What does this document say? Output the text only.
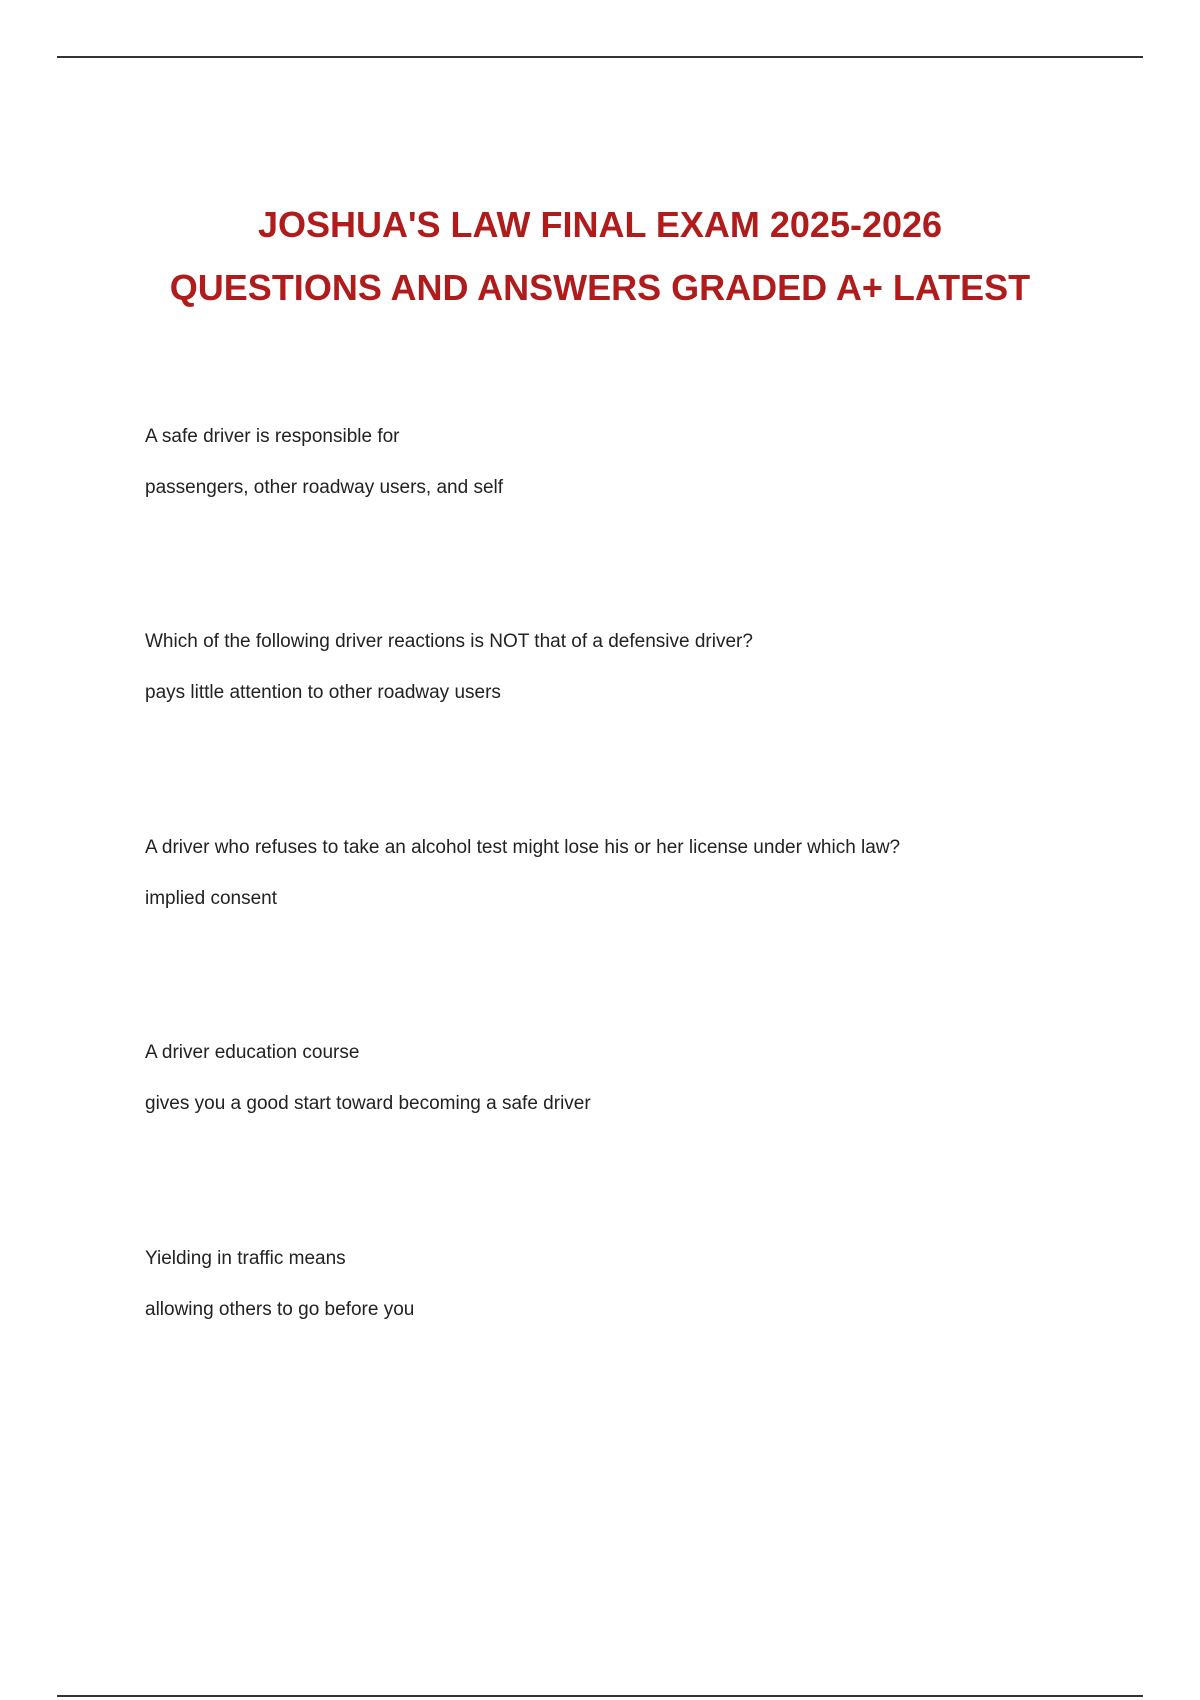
JOSHUA'S LAW FINAL EXAM 2025-2026
QUESTIONS AND ANSWERS GRADED A+ LATEST
A safe driver is responsible for
passengers, other roadway users, and self
Which of the following driver reactions is NOT that of a defensive driver?
pays little attention to other roadway users
A driver who refuses to take an alcohol test might lose his or her license under which law?
implied consent
A driver education course
gives you a good start toward becoming a safe driver
Yielding in traffic means
allowing others to go before you
